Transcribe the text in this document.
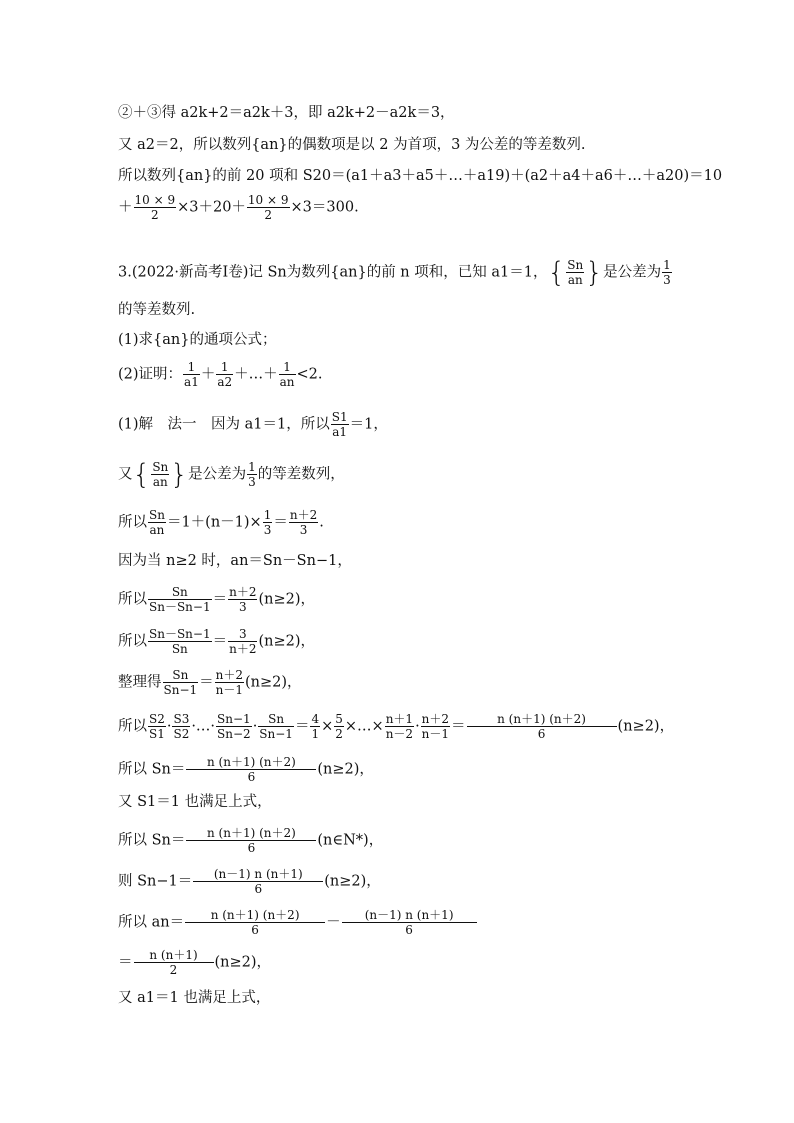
②＋③得 a2k+2＝a2k＋3，即 a2k+2－a2k＝3，
又 a2＝2，所以数列{an}的偶数项是以 2 为首项，3 为公差的等差数列.
所以数列{an}的前 20 项和 S20＝(a1＋a3＋a5＋…＋a19)＋(a2＋a4＋a6＋…＋a20)＝10
＋ $\frac{10 \times 9}{2} \times 3+20+ \frac{10 \times 9}{2} \times 3=300$.
3.(2022·新高考Ⅰ卷)记 Sn为数列{an}的前 n 项和，已知 a1＝1，{ $\frac{Sn}{an}$ }是公差为 $\frac{1}{3}$
的等差数列.
(1)求{an}的通项公式；
(2)证明： $\frac{1}{a1} + \frac{1}{a2}$ ＋…＋ $\frac{1}{an} <2$.
(1)解　法一　因为 a1＝1，所以 $\frac{S1}{a1} =1$，
又{ $\frac{Sn}{an}$ }是公差为 $\frac{1}{3}$ 的等差数列，
所以 $\frac{Sn}{an} =1+(n-1)\times \frac{1}{3} = \frac{n+2}{3}$ .
因为当 n≥2 时，an＝Sn－Sn−1，
所以 $\frac{Sn}{Sn-Sn-1} = \frac{n+2}{3} (n\ge 2)$，
所以 $\frac{Sn-Sn-1}{Sn} = \frac{3}{n+2} (n\ge 2)$，
整理得 $\frac{Sn}{Sn-1} = \frac{n+2}{n-1} (n\ge 2)$，
所以 $\frac{S2}{S1} \cdot \frac{S3}{S2}$ ·…· $\frac{Sn-1}{Sn-2} \cdot \frac{Sn}{Sn-1} = \frac{4}{1} \times \frac{5}{2}$ ×…× $\frac{n+1}{n-2} \cdot \frac{n+2}{n-1} = \frac{n (n+1) (n+2)}{6} (n\ge 2)$，
所以 $Sn= \frac{n (n+1) (n+2)}{6} (n\ge 2)$，
又 S1＝1 也满足上式，
所以 $Sn= \frac{n (n+1) (n+2)}{6}$ (n∈N*)，
则 $Sn-1= \frac{(n-1) n (n+1)}{6} (n\ge 2)$，
所以 $an= \frac{n (n+1) (n+2)}{6} - \frac{(n-1) n (n+1)}{6}$
＝ $\frac{n (n+1)}{2} (n\ge 2)$，
又 a1＝1 也满足上式，
